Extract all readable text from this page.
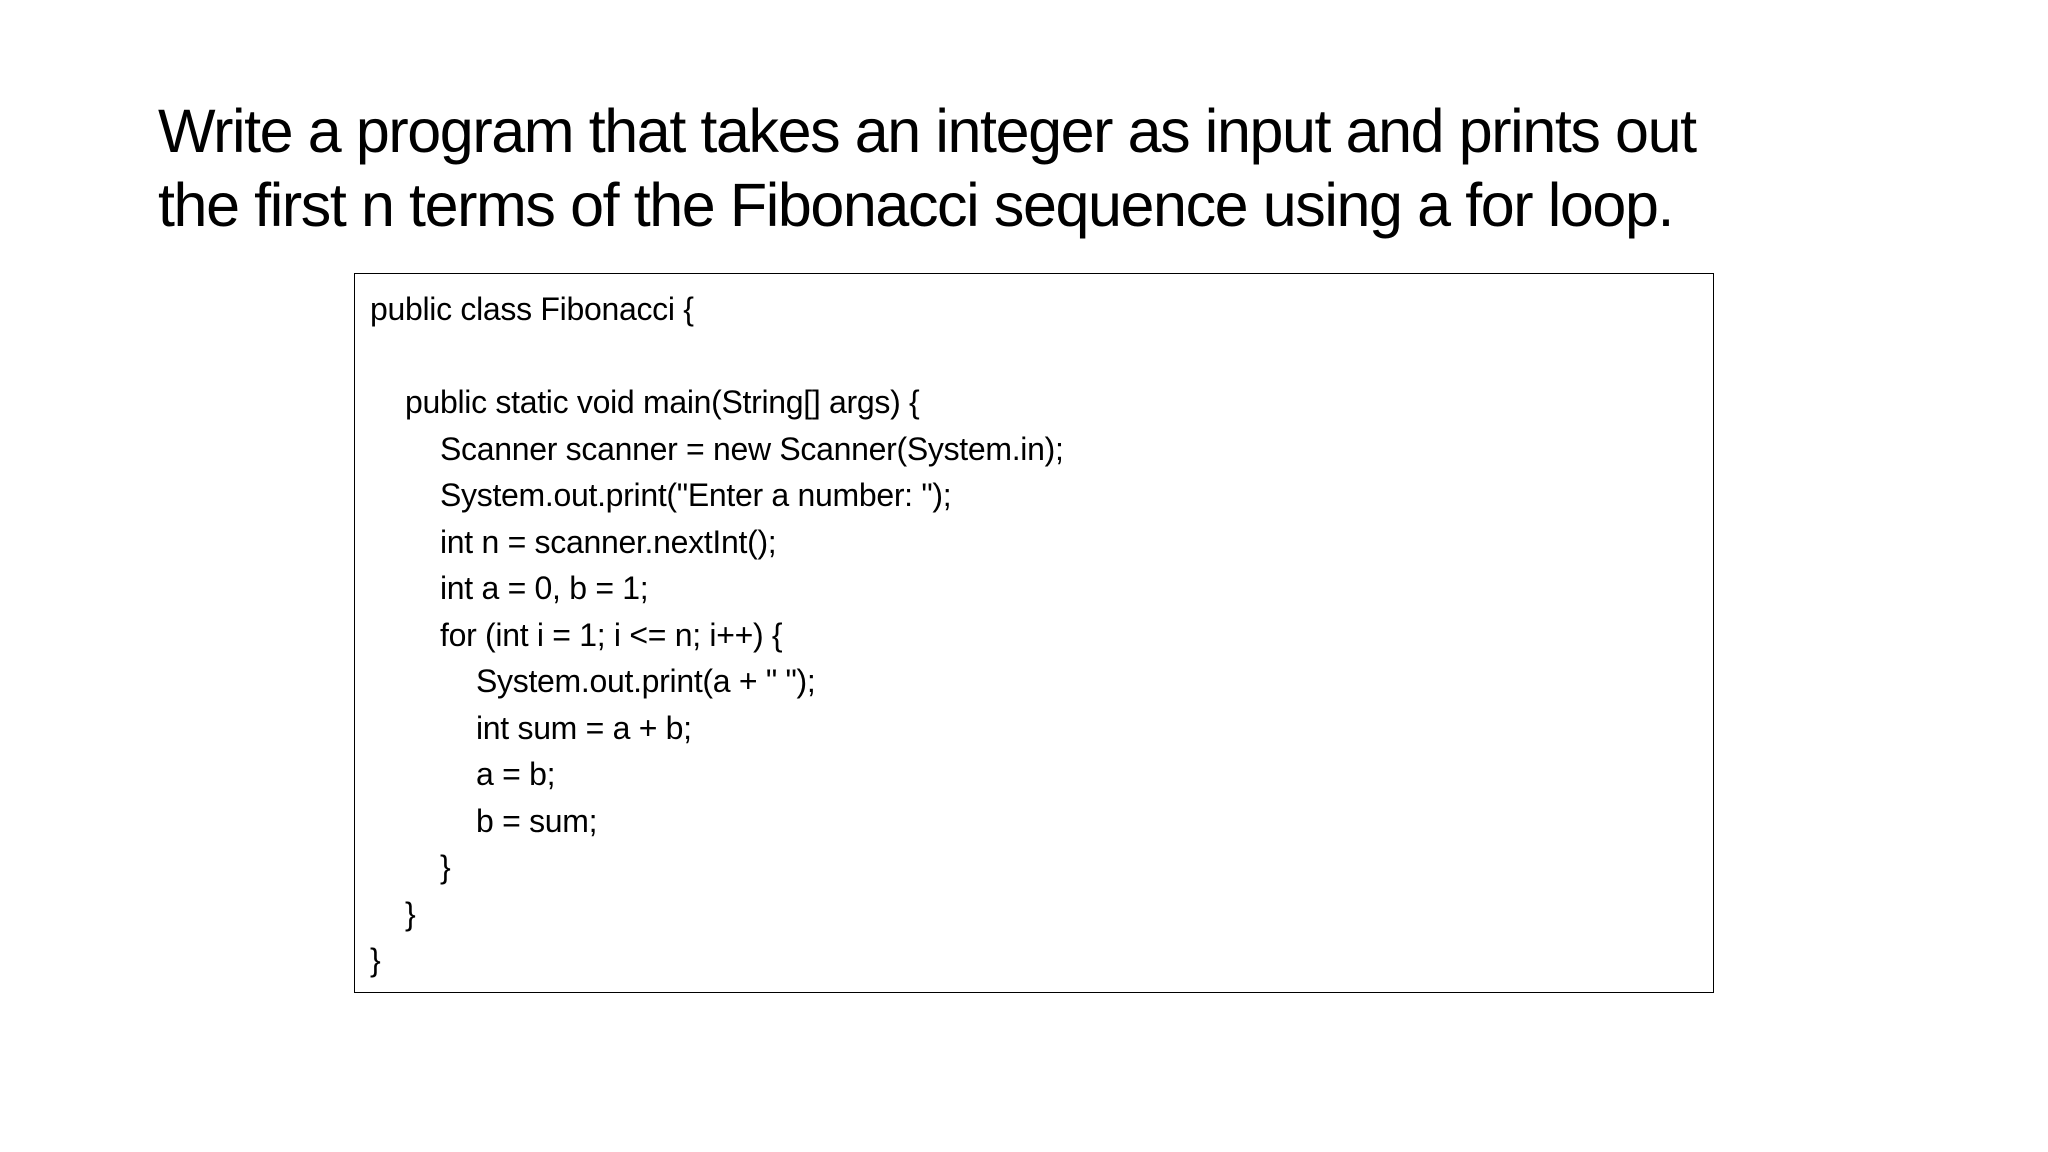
Write a program that takes an integer as input and prints out
the first n terms of the Fibonacci sequence using a for loop.
public class Fibonacci {
public static void main(String[] args) {
Scanner scanner = new Scanner(System.in);
System.out.print("Enter a number: ");
int n = scanner.nextInt();
int a = 0, b = 1;
for (int i = 1; i <= n; i++) {
System.out.print(a + " ");
int sum = a + b;
a = b;
b = sum;
}
}
}
